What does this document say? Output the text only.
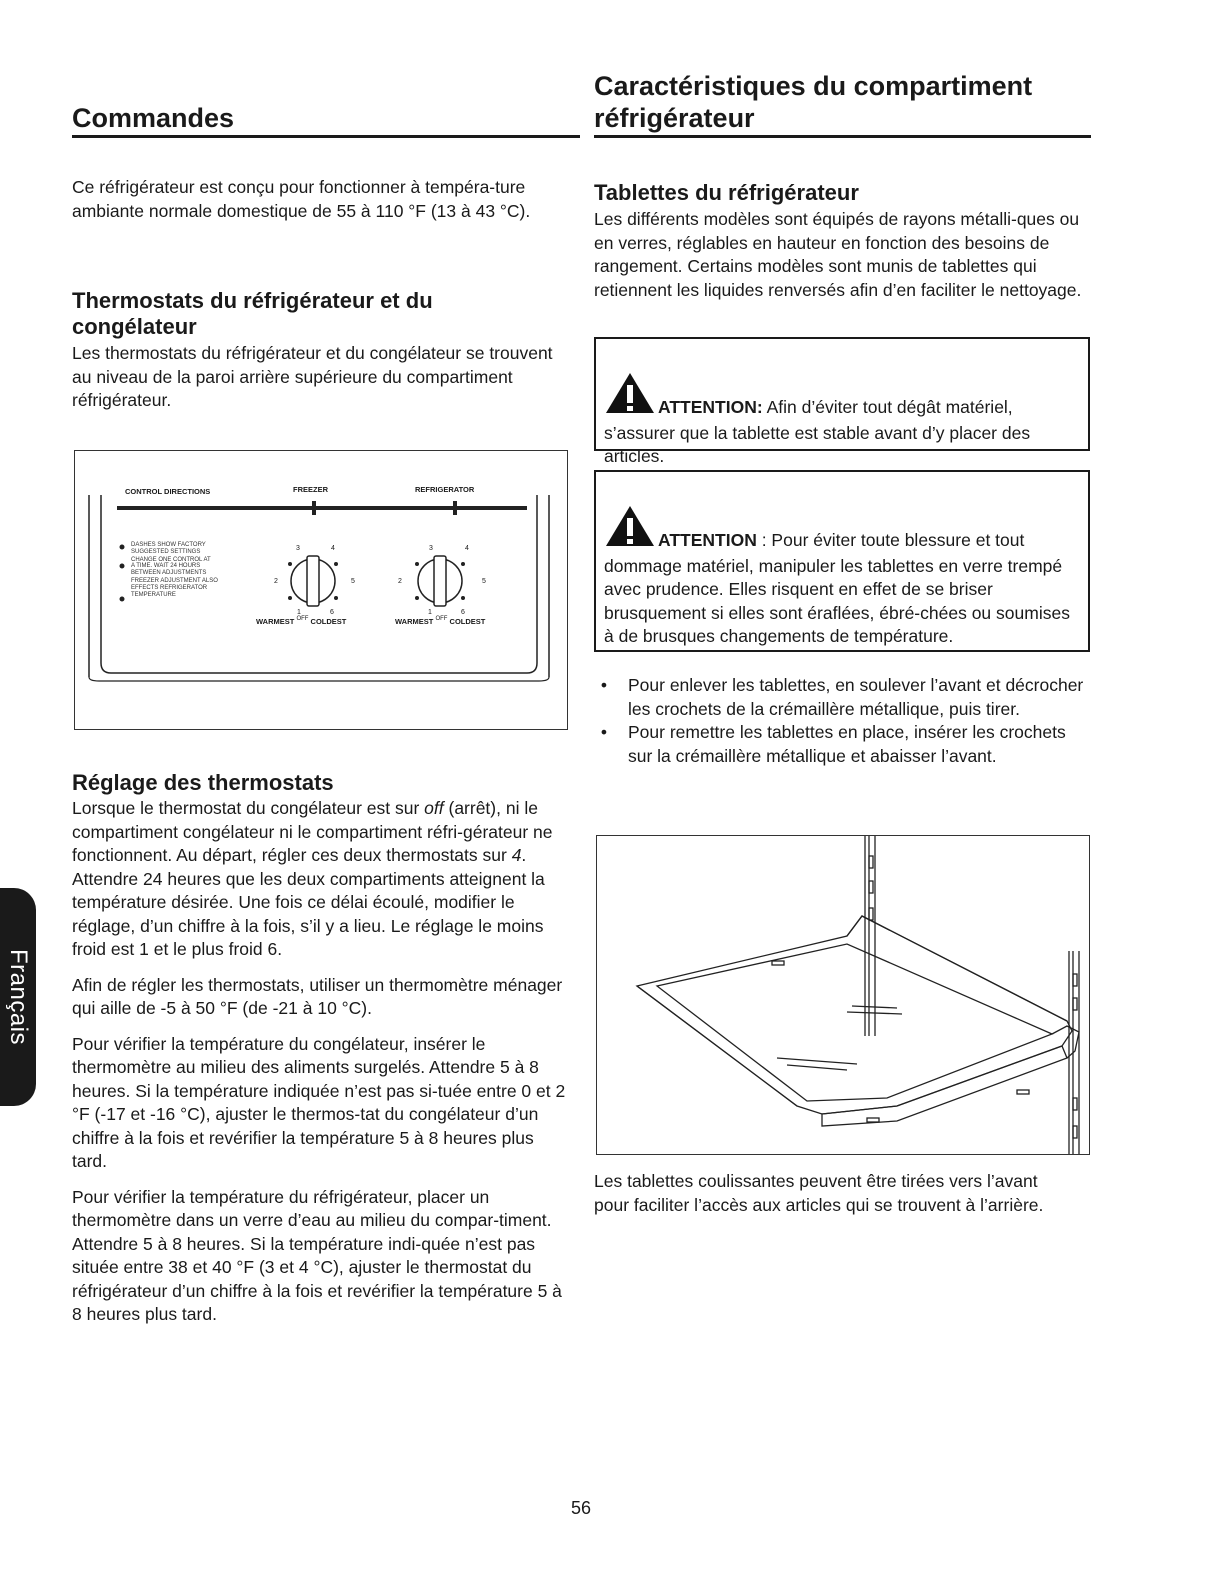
Commandes
Caractéristiques du compartiment
réfrigérateur
Ce réfrigérateur est conçu pour fonctionner à tempéra-ture ambiante normale domestique de 55 à 110 °F (13 à 43 °C).
Thermostats du réfrigérateur et du congélateur
Les thermostats du réfrigérateur et du congélateur se trouvent au niveau de la paroi arrière supérieure du compartiment réfrigérateur.
CONTROL DIRECTIONS	FREEZER	REFRIGERATOR
DASHES SHOW FACTORY
SUGGESTED SETTINGS
CHANGE ONE CONTROL AT
A TIME. WAIT 24 HOURS
BETWEEN ADJUSTMENTS
FREEZER ADJUSTMENT ALSO
EFFECTS REFRIGERATOR
TEMPERATURE
3	4
2	5
1	6
3	4
2	5
1	6
WARMEST $^{OFF}$ COLDEST	WARMEST $^{OFF}$ COLDEST
Réglage des thermostats

Lorsque le thermostat du congélateur est sur off (arrêt), ni le compartiment congélateur ni le compartiment réfri-gérateur ne fonctionnent. Au départ, régler ces deux thermostats sur 4. Attendre 24 heures que les deux compartiments atteignent la température désirée. Une fois ce délai écoulé, modifier le réglage, d’un chiffre à la fois, s’il y a lieu. Le réglage le moins froid est 1 et le plus froid 6.

Afin de régler les thermostats, utiliser un thermomètre ménager qui aille de -5 à 50 °F (de -21 à 10 °C).

Pour vérifier la température du congélateur, insérer le thermomètre au milieu des aliments surgelés. Attendre 5 à 8 heures. Si la température indiquée n’est pas si-tuée entre 0 et 2 °F (-17 et -16 °C), ajuster le thermos-tat du congélateur d’un chiffre à la fois et revérifier la température 5 à 8 heures plus tard.

Pour vérifier la température du réfrigérateur, placer un thermomètre dans un verre d’eau au milieu du compar-timent. Attendre 5 à 8 heures. Si la température indi-quée n’est pas située entre 38 et 40 °F (3 et 4 °C), ajuster le thermostat du réfrigérateur d’un chiffre à la fois et revérifier la température 5 à 8 heures plus tard.

Tablettes du réfrigérateur
Les différents modèles sont équipés de rayons métalli-ques ou en verres, réglables en hauteur en fonction des besoins de rangement. Certains modèles sont munis de tablettes qui retiennent les liquides renversés afin d’en faciliter le nettoyage.
ATTENTION: Afin d’éviter tout dégât matériel, s’assurer que la tablette est stable avant d’y placer des articles.
ATTENTION : Pour éviter toute blessure et tout dommage matériel, manipuler les tablettes en verre trempé avec prudence. Elles risquent en effet de se briser brusquement si elles sont éraflées, ébré-chées ou soumises à de brusques changements de température.
•	Pour enlever les tablettes, en soulever l’avant et décrocher les crochets de la crémaillère métallique, puis tirer.
•	Pour remettre les tablettes en place, insérer les crochets sur la crémaillère métallique et abaisser l’avant.
Les tablettes coulissantes peuvent être tirées vers l’avant pour faciliter l’accès aux articles qui se trouvent à l’arrière.
Français
56
